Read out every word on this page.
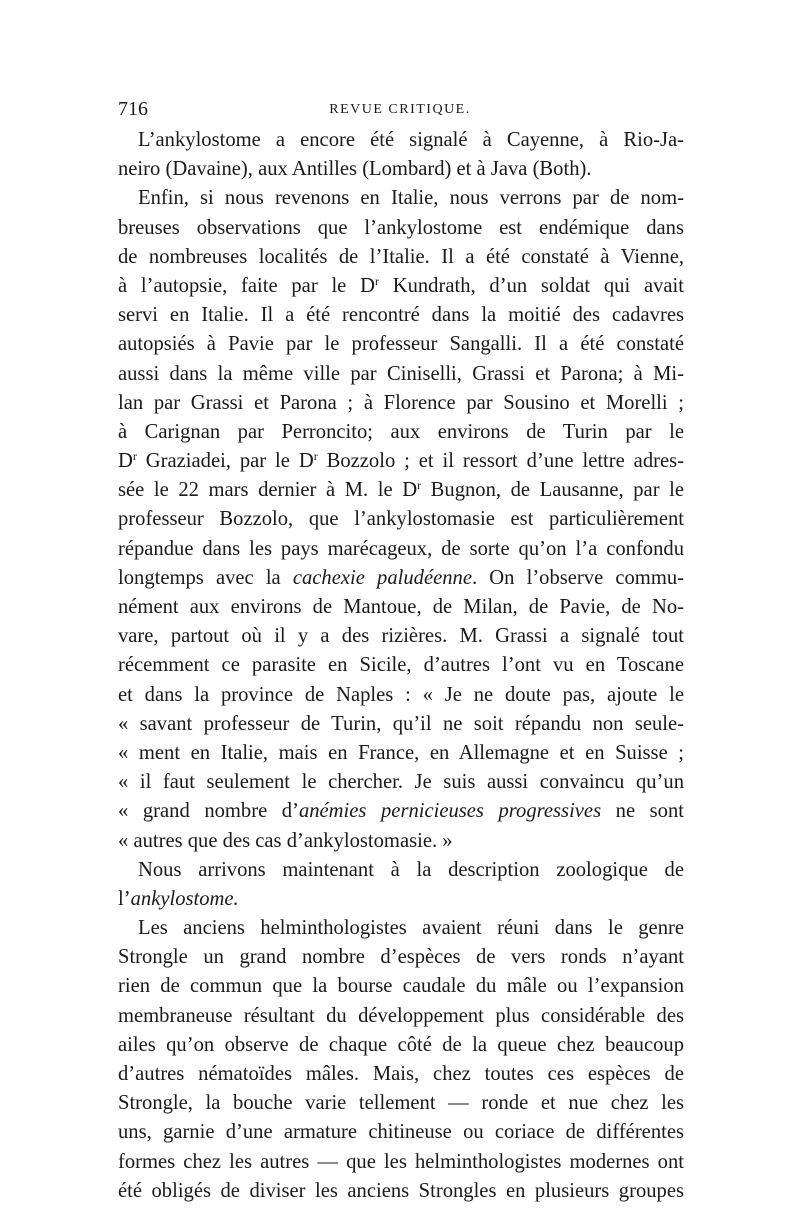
716	REVUE CRITIQUE.
L’ankylostome a encore été signalé à Cayenne, à Rio-Ja-
neiro (Davaine), aux Antilles (Lombard) et à Java (Both).
Enfin, si nous revenons en Italie, nous verrons par de nom-
breuses observations que l’ankylostome est endémique dans
de nombreuses localités de l’Italie. Il a été constaté à Vienne,
à l’autopsie, faite par le $D^r$ Kundrath, d’un soldat qui avait
servi en Italie. Il a été rencontré dans la moitié des cadavres
autopsiés à Pavie par le professeur Sangalli. Il a été constaté
aussi dans la même ville par Ciniselli, Grassi et Parona; à Mi-
lan par Grassi et Parona ; à Florence par Sousino et Morelli ;
à Carignan par Perroncito; aux environs de Turin par le
$D^r$ Graziadei, par le $D^r$ Bozzolo ; et il ressort d’une lettre adres-
sée le 22 mars dernier à M. le $D^r$ Bugnon, de Lausanne, par le
professeur Bozzolo, que l’ankylostomasie est particulièrement
répandue dans les pays marécageux, de sorte qu’on l’a confondu
longtemps avec la cachexie paludéenne. On l’observe commu-
nément aux environs de Mantoue, de Milan, de Pavie, de No-
vare, partout où il y a des rizières. M. Grassi a signalé tout
récemment ce parasite en Sicile, d’autres l’ont vu en Toscane
et dans la province de Naples : « Je ne doute pas, ajoute le
« savant professeur de Turin, qu’il ne soit répandu non seule-
« ment en Italie, mais en France, en Allemagne et en Suisse ;
« il faut seulement le chercher. Je suis aussi convaincu qu’un
« grand nombre d’anémies pernicieuses progressives ne sont
« autres que des cas d’ankylostomasie. »
Nous arrivons maintenant à la description zoologique de
l’ankylostome.
Les anciens helminthologistes avaient réuni dans le genre
Strongle un grand nombre d’espèces de vers ronds n’ayant
rien de commun que la bourse caudale du mâle ou l’expansion
membraneuse résultant du développement plus considérable des
ailes qu’on observe de chaque côté de la queue chez beaucoup
d’autres nématoïdes mâles. Mais, chez toutes ces espèces de
Strongle, la bouche varie tellement — ronde et nue chez les
uns, garnie d’une armature chitineuse ou coriace de différentes
formes chez les autres — que les helminthologistes modernes ont
été obligés de diviser les anciens Strongles en plusieurs groupes
